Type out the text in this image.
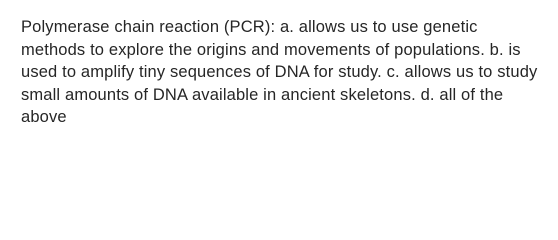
Polymerase chain reaction (PCR): a. allows us to use genetic methods to explore the origins and movements of populations. b. is used to amplify tiny sequences of DNA for study. c. allows us to study small amounts of DNA available in ancient skeletons. d. all of the above
